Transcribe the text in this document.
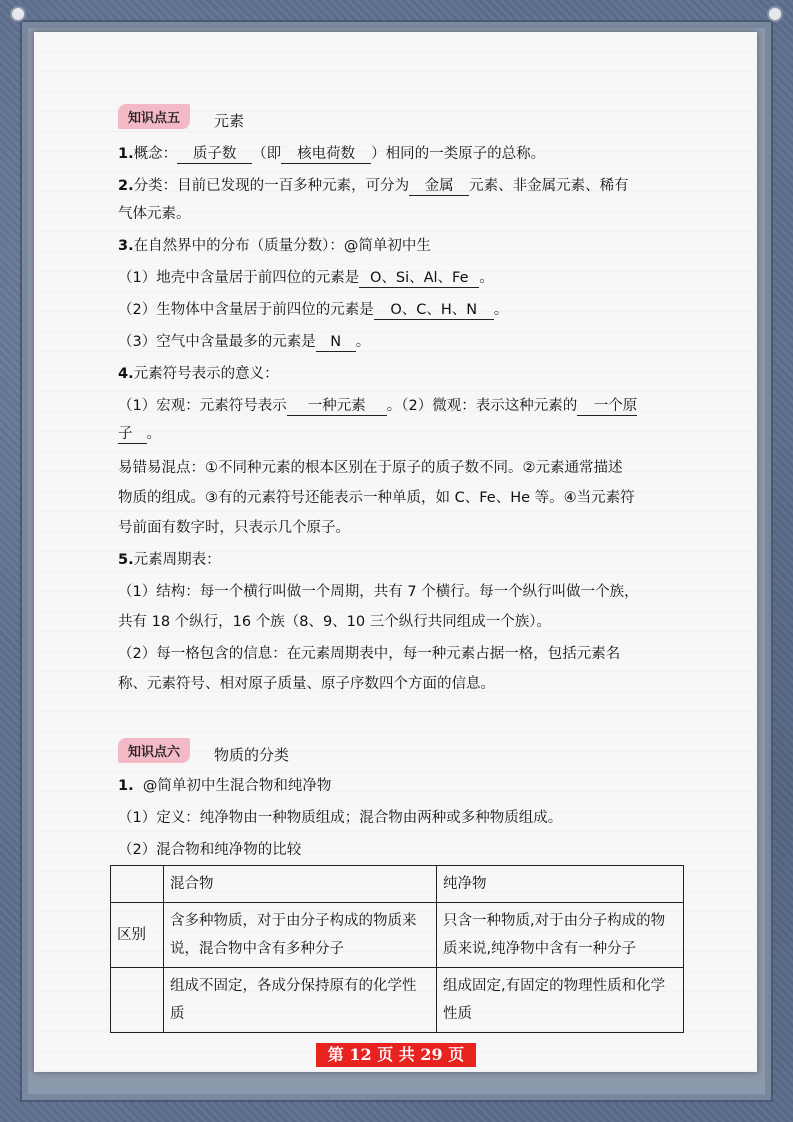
知识点五	元素
1.概念： 质子数 （即 核电荷数 ）相同的一类原子的总称。
2.分类：目前已发现的一百多种元素，可分为 金属 元素、非金属元素、稀有
气体元素。
3.在自然界中的分布（质量分数）：@简单初中生
（1）地壳中含量居于前四位的元素是 O、Si、Al、Fe 。
（2）生物体中含量居于前四位的元素是 O、C、H、N 。
（3）空气中含量最多的元素是 N 。
4.元素符号表示的意义：
（1）宏观：元素符号表示 一种元素 。（2）微观：表示这种元素的 一个原
子 。
易错易混点：①不同种元素的根本区别在于原子的质子数不同。②元素通常描述
物质的组成。③有的元素符号还能表示一种单质，如 C、Fe、He 等。④当元素符
号前面有数字时，只表示几个原子。
5.元素周期表：
（1）结构：每一个横行叫做一个周期，共有 7 个横行。每一个纵行叫做一个族，
共有 18 个纵行，16 个族（8、9、10 三个纵行共同组成一个族）。
（2）每一格包含的信息：在元素周期表中，每一种元素占据一格，包括元素名
称、元素符号、相对原子质量、原子序数四个方面的信息。
知识点六	物质的分类
1. @简单初中生混合物和纯净物
（1）定义：纯净物由一种物质组成；混合物由两种或多种物质组成。
（2）混合物和纯净物的比较
	混合物	纯净物
区别	含多种物质，对于由分子构成的物质来说，混合物中含有多种分子	只含一种物质,对于由分子构成的物质来说,纯净物中含有一种分子
	组成不固定，各成分保持原有的化学性质	组成固定,有固定的物理性质和化学性质
第 12 页 共 29 页
